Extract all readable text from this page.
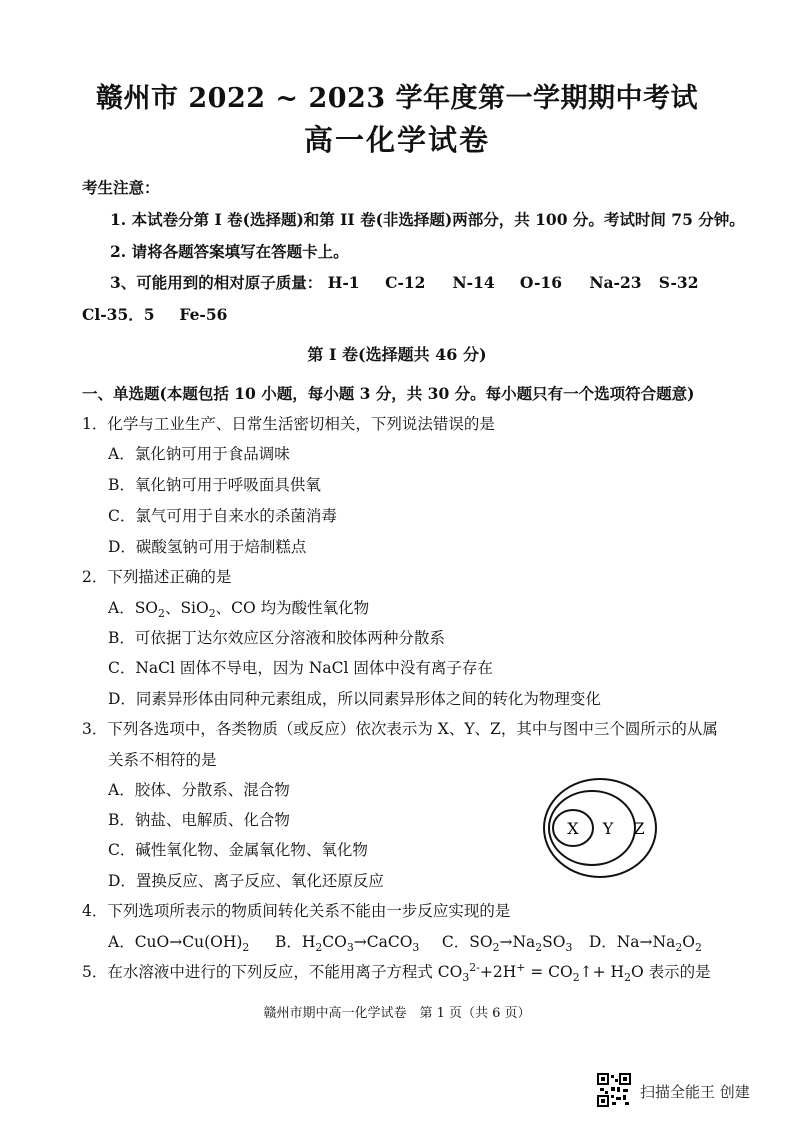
赣州市 2022 ~ 2023 学年度第一学期期中考试
高一化学试卷
考生注意：
1. 本试卷分第 I 卷(选择题)和第 II 卷(非选择题)两部分，共 100 分。考试时间 75 分钟。
2. 请将各题答案填写在答题卡上。
3、可能用到的相对原子质量： H-1 C-12 N-14 O-16 Na-23 S-32
Cl-35．5 Fe-56
第 I 卷(选择题共 46 分)
一、单选题(本题包括 10 小题，每小题 3 分，共 30 分。每小题只有一个选项符合题意)
1．化学与工业生产、日常生活密切相关，下列说法错误的是
A．氯化钠可用于食品调味
B．氧化钠可用于呼吸面具供氧
C．氯气可用于自来水的杀菌消毒
D．碳酸氢钠可用于焙制糕点
2．下列描述正确的是
A．$SO_2$、SiO$_2$、CO 均为酸性氧化物
B．可依据丁达尔效应区分溶液和胶体两种分散系
C．NaCl 固体不导电，因为 NaCl 固体中没有离子存在
D．同素异形体由同种元素组成，所以同素异形体之间的转化为物理变化
3．下列各选项中，各类物质（或反应）依次表示为 X、Y、Z，其中与图中三个圆所示的从属
关系不相符的是
A．胶体、分散系、混合物
B．钠盐、电解质、化合物
C．碱性氧化物、金属氧化物、氧化物
D．置换反应、离子反应、氧化还原反应
X Y Z
4．下列选项所表示的物质间转化关系不能由一步反应实现的是
A．$CuO\to Cu(OH)_2$ B．$H_2CO_3\to CaCO_3$ C．$SO_2\to Na_2SO_3$ D．$Na\to Na_2O_2$
5．在水溶液中进行的下列反应，不能用离子方程式 $CO_3^{2-}+2H^+$ = $CO_2↑+ H_2O$ 表示的是
赣州市期中高一化学试卷　第 1 页（共 6 页）
扫描全能王 创建
